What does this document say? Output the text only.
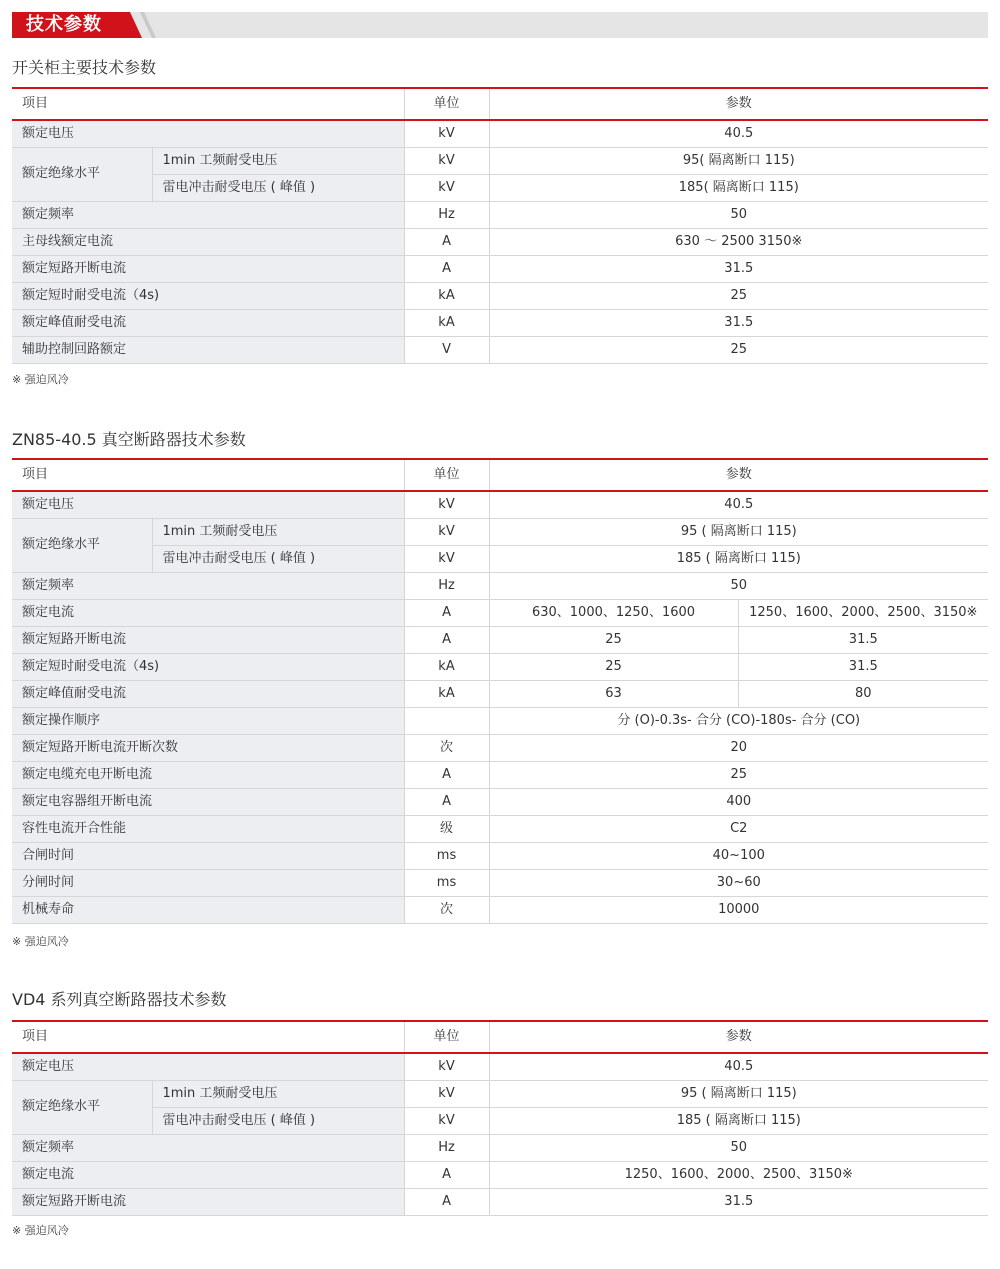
技术参数
开关柜主要技术参数
项目		单位	参数
额定电压		kV	40.5
额定绝缘水平	1min 工频耐受电压	kV	95( 隔离断口 115)
	雷电冲击耐受电压 ( 峰值 )	kV	185( 隔离断口 115)
额定频率		Hz	50
主母线额定电流		A	630 ～ 2500 3150※
额定短路开断电流		A	31.5
额定短时耐受电流（4s)		kA	25
额定峰值耐受电流		kA	31.5
辅助控制回路额定		V	25
※ 强迫风冷
ZN85-40.5 真空断路器技术参数
项目		单位	参数	
额定电压		kV	40.5	
额定绝缘水平	1min 工频耐受电压	kV	95 ( 隔离断口 115)	
	雷电冲击耐受电压 ( 峰值 )	kV	185 ( 隔离断口 115)	
额定频率		Hz	50	
额定电流		A	630、1000、1250、1600	1250、1600、2000、2500、3150※
额定短路开断电流		A	25	31.5
额定短时耐受电流（4s)		kA	25	31.5
额定峰值耐受电流		kA	63	80
额定操作顺序			分 (O)-0.3s- 合分 (CO)-180s- 合分 (CO)	
额定短路开断电流开断次数		次	20	
额定电缆充电开断电流		A	25	
额定电容器组开断电流		A	400	
容性电流开合性能		级	C2	
合闸时间		ms	40~100	
分闸时间		ms	30~60	
机械寿命		次	10000	
※ 强迫风冷
VD4 系列真空断路器技术参数
项目		单位	参数
额定电压		kV	40.5
额定绝缘水平	1min 工频耐受电压	kV	95 ( 隔离断口 115)
	雷电冲击耐受电压 ( 峰值 )	kV	185 ( 隔离断口 115)
额定频率		Hz	50
额定电流		A	1250、1600、2000、2500、3150※
额定短路开断电流		A	31.5
※ 强迫风冷
